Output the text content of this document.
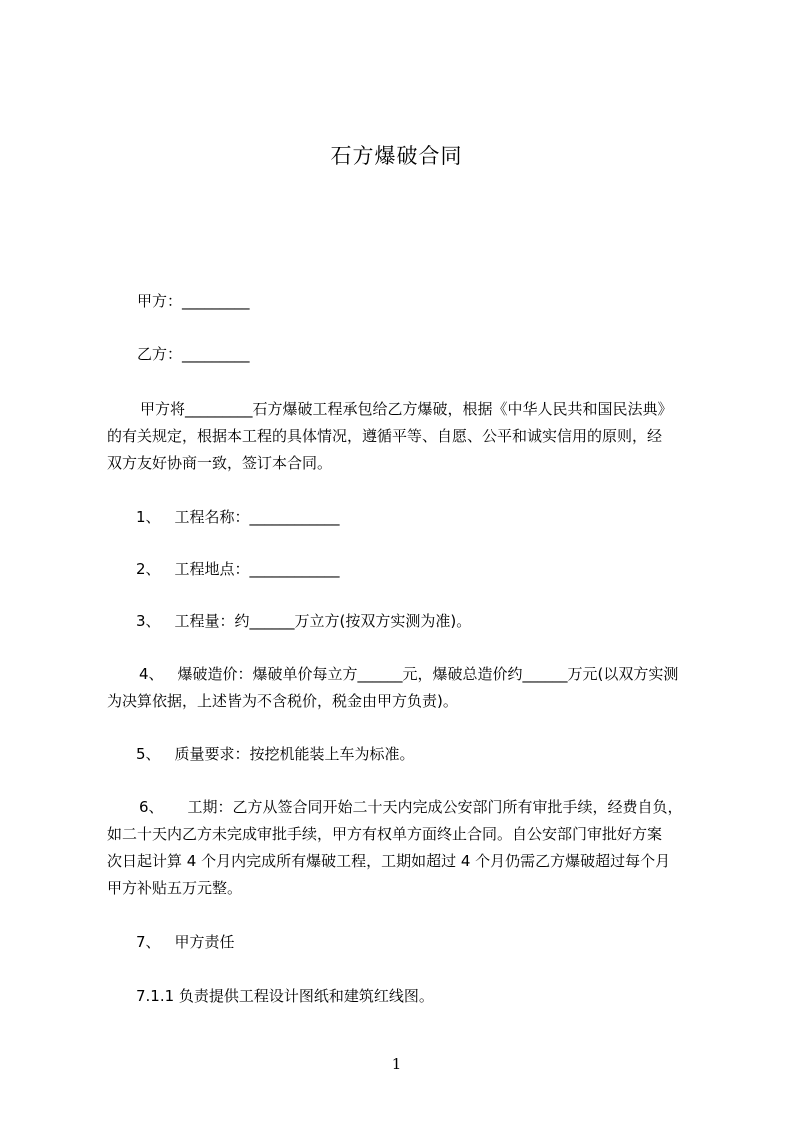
石方爆破合同
甲方：_________
乙方：_________
甲方将_________石方爆破工程承包给乙方爆破，根据《中华人民共和国民法典》
的有关规定，根据本工程的具体情况，遵循平等、自愿、公平和诚实信用的原则，经
双方友好协商一致，签订本合同。
1、 工程名称：____________
2、 工程地点：____________
3、 工程量：约______万立方(按双方实测为准)。
4、 爆破造价：爆破单价每立方______元，爆破总造价约______万元(以双方实测
为决算依据，上述皆为不含税价，税金由甲方负责)。
5、 质量要求：按挖机能装上车为标准。
6、 工期：乙方从签合同开始二十天内完成公安部门所有审批手续，经费自负，
如二十天内乙方未完成审批手续，甲方有权单方面终止合同。自公安部门审批好方案
次日起计算 4 个月内完成所有爆破工程，工期如超过 4 个月仍需乙方爆破超过每个月
甲方补贴五万元整。
7、 甲方责任
7.1.1 负责提供工程设计图纸和建筑红线图。
1
